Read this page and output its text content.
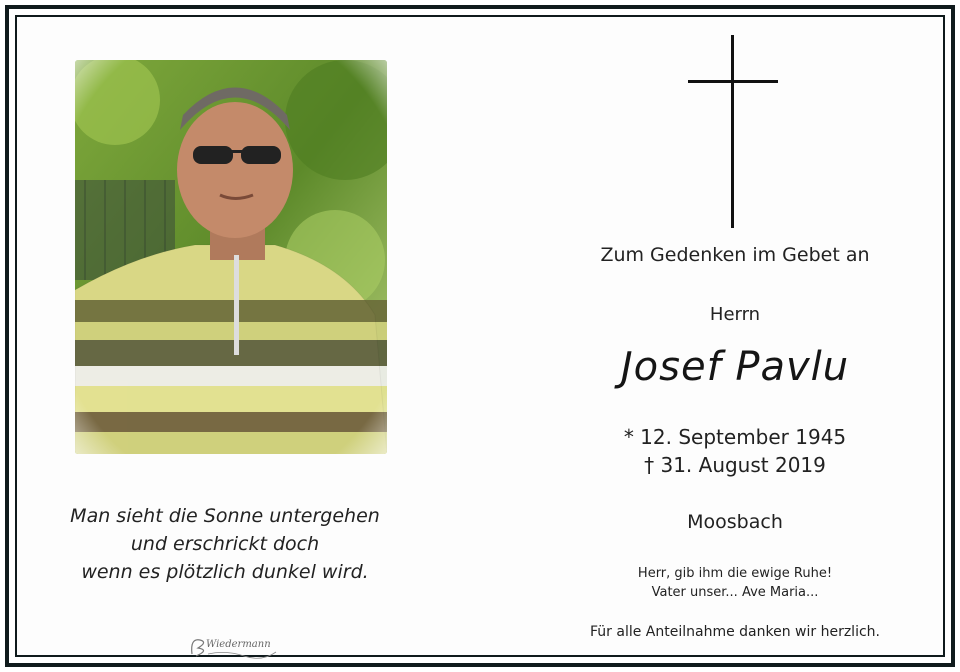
Man sieht die Sonne untergehen
und erschrickt doch
wenn es plötzlich dunkel wird.
Wiedermann
Zum Gedenken im Gebet an
Herrn
Josef Pavlu
* 12. September 1945
† 31. August 2019
Moosbach
Herr, gib ihm die ewige Ruhe!
Vater unser... Ave Maria...
Für alle Anteilnahme danken wir herzlich.
